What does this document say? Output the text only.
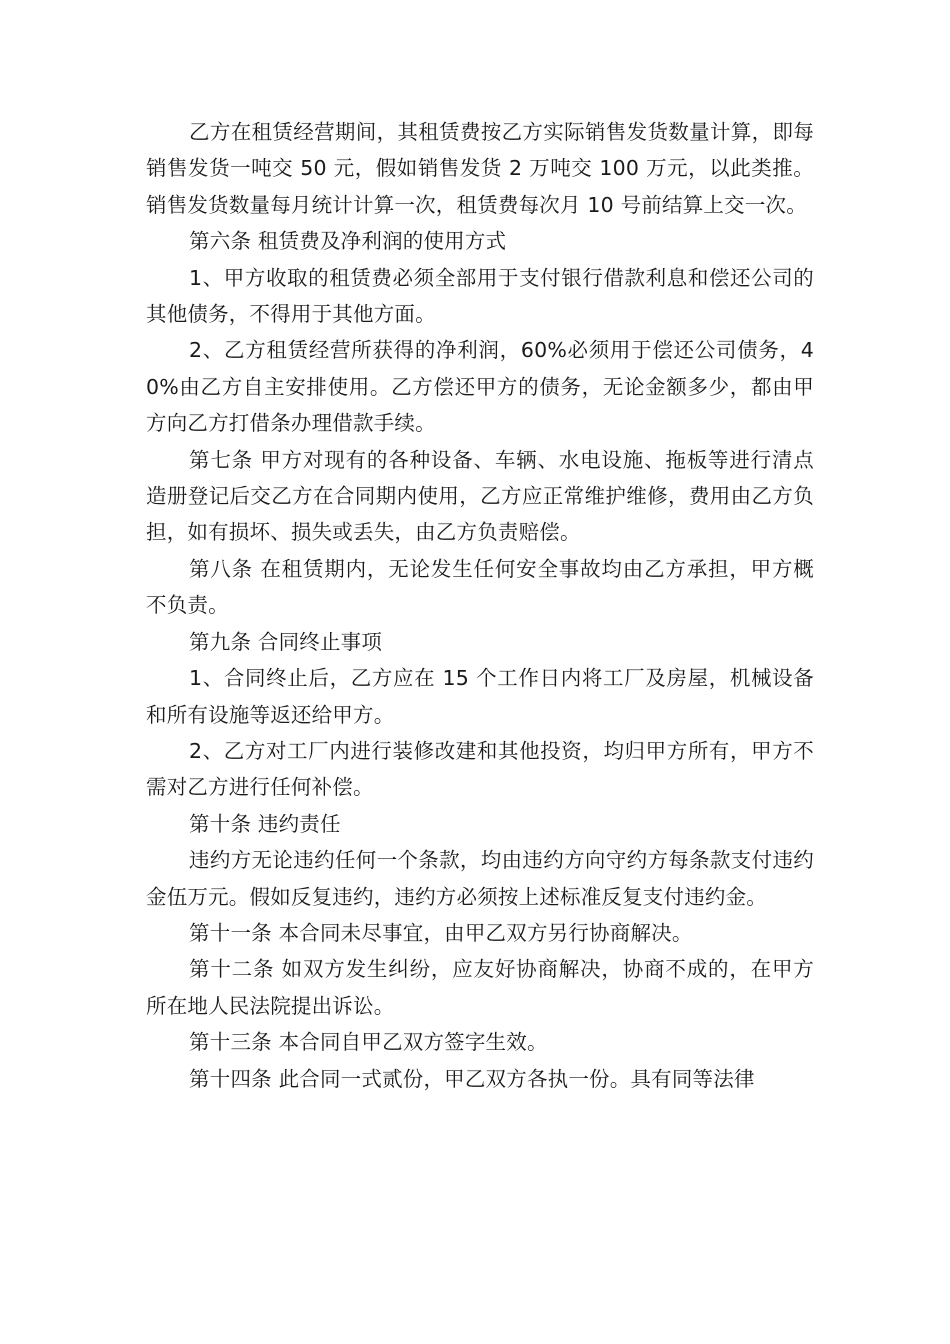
乙方在租赁经营期间，其租赁费按乙方实际销售发货数量计算，即每销售发货一吨交 50 元，假如销售发货 2 万吨交 100 万元，以此类推。销售发货数量每月统计计算一次，租赁费每次月 10 号前结算上交一次。

第六条 租赁费及净利润的使用方式

1、甲方收取的租赁费必须全部用于支付银行借款利息和偿还公司的其他债务，不得用于其他方面。

2、乙方租赁经营所获得的净利润，60%必须用于偿还公司债务，40%由乙方自主安排使用。乙方偿还甲方的债务，无论金额多少，都由甲方向乙方打借条办理借款手续。

第七条 甲方对现有的各种设备、车辆、水电设施、拖板等进行清点造册登记后交乙方在合同期内使用，乙方应正常维护维修，费用由乙方负担，如有损坏、损失或丢失，由乙方负责赔偿。

第八条 在租赁期内，无论发生任何安全事故均由乙方承担，甲方概不负责。

第九条 合同终止事项

1、合同终止后，乙方应在 15 个工作日内将工厂及房屋，机械设备和所有设施等返还给甲方。

2、乙方对工厂内进行装修改建和其他投资，均归甲方所有，甲方不需对乙方进行任何补偿。

第十条 违约责任

违约方无论违约任何一个条款，均由违约方向守约方每条款支付违约金伍万元。假如反复违约，违约方必须按上述标准反复支付违约金。

第十一条 本合同未尽事宜，由甲乙双方另行协商解决。

第十二条 如双方发生纠纷，应友好协商解决，协商不成的，在甲方所在地人民法院提出诉讼。

第十三条 本合同自甲乙双方签字生效。

第十四条 此合同一式贰份，甲乙双方各执一份。具有同等法律
